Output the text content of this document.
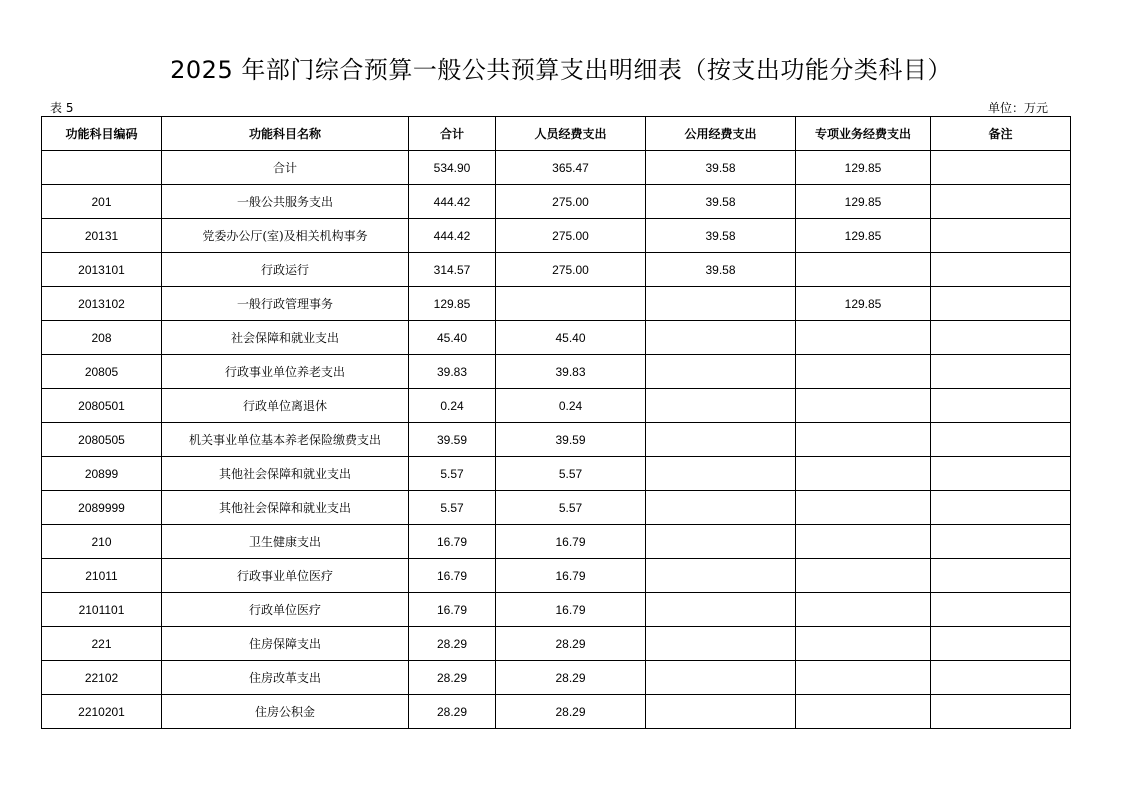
2025 年部门综合预算一般公共预算支出明细表（按支出功能分类科目）
表 5	单位：万元
功能科目编码	功能科目名称	合计	人员经费支出	公用经费支出	专项业务经费支出	备注
	合计	534.90	365.47	39.58	129.85	
201	一般公共服务支出	444.42	275.00	39.58	129.85	
20131	党委办公厅(室)及相关机构事务	444.42	275.00	39.58	129.85	
2013101	行政运行	314.57	275.00	39.58		
2013102	一般行政管理事务	129.85			129.85	
208	社会保障和就业支出	45.40	45.40			
20805	行政事业单位养老支出	39.83	39.83			
2080501	行政单位离退休	0.24	0.24			
2080505	机关事业单位基本养老保险缴费支出	39.59	39.59			
20899	其他社会保障和就业支出	5.57	5.57			
2089999	其他社会保障和就业支出	5.57	5.57			
210	卫生健康支出	16.79	16.79			
21011	行政事业单位医疗	16.79	16.79			
2101101	行政单位医疗	16.79	16.79			
221	住房保障支出	28.29	28.29			
22102	住房改革支出	28.29	28.29			
2210201	住房公积金	28.29	28.29			
